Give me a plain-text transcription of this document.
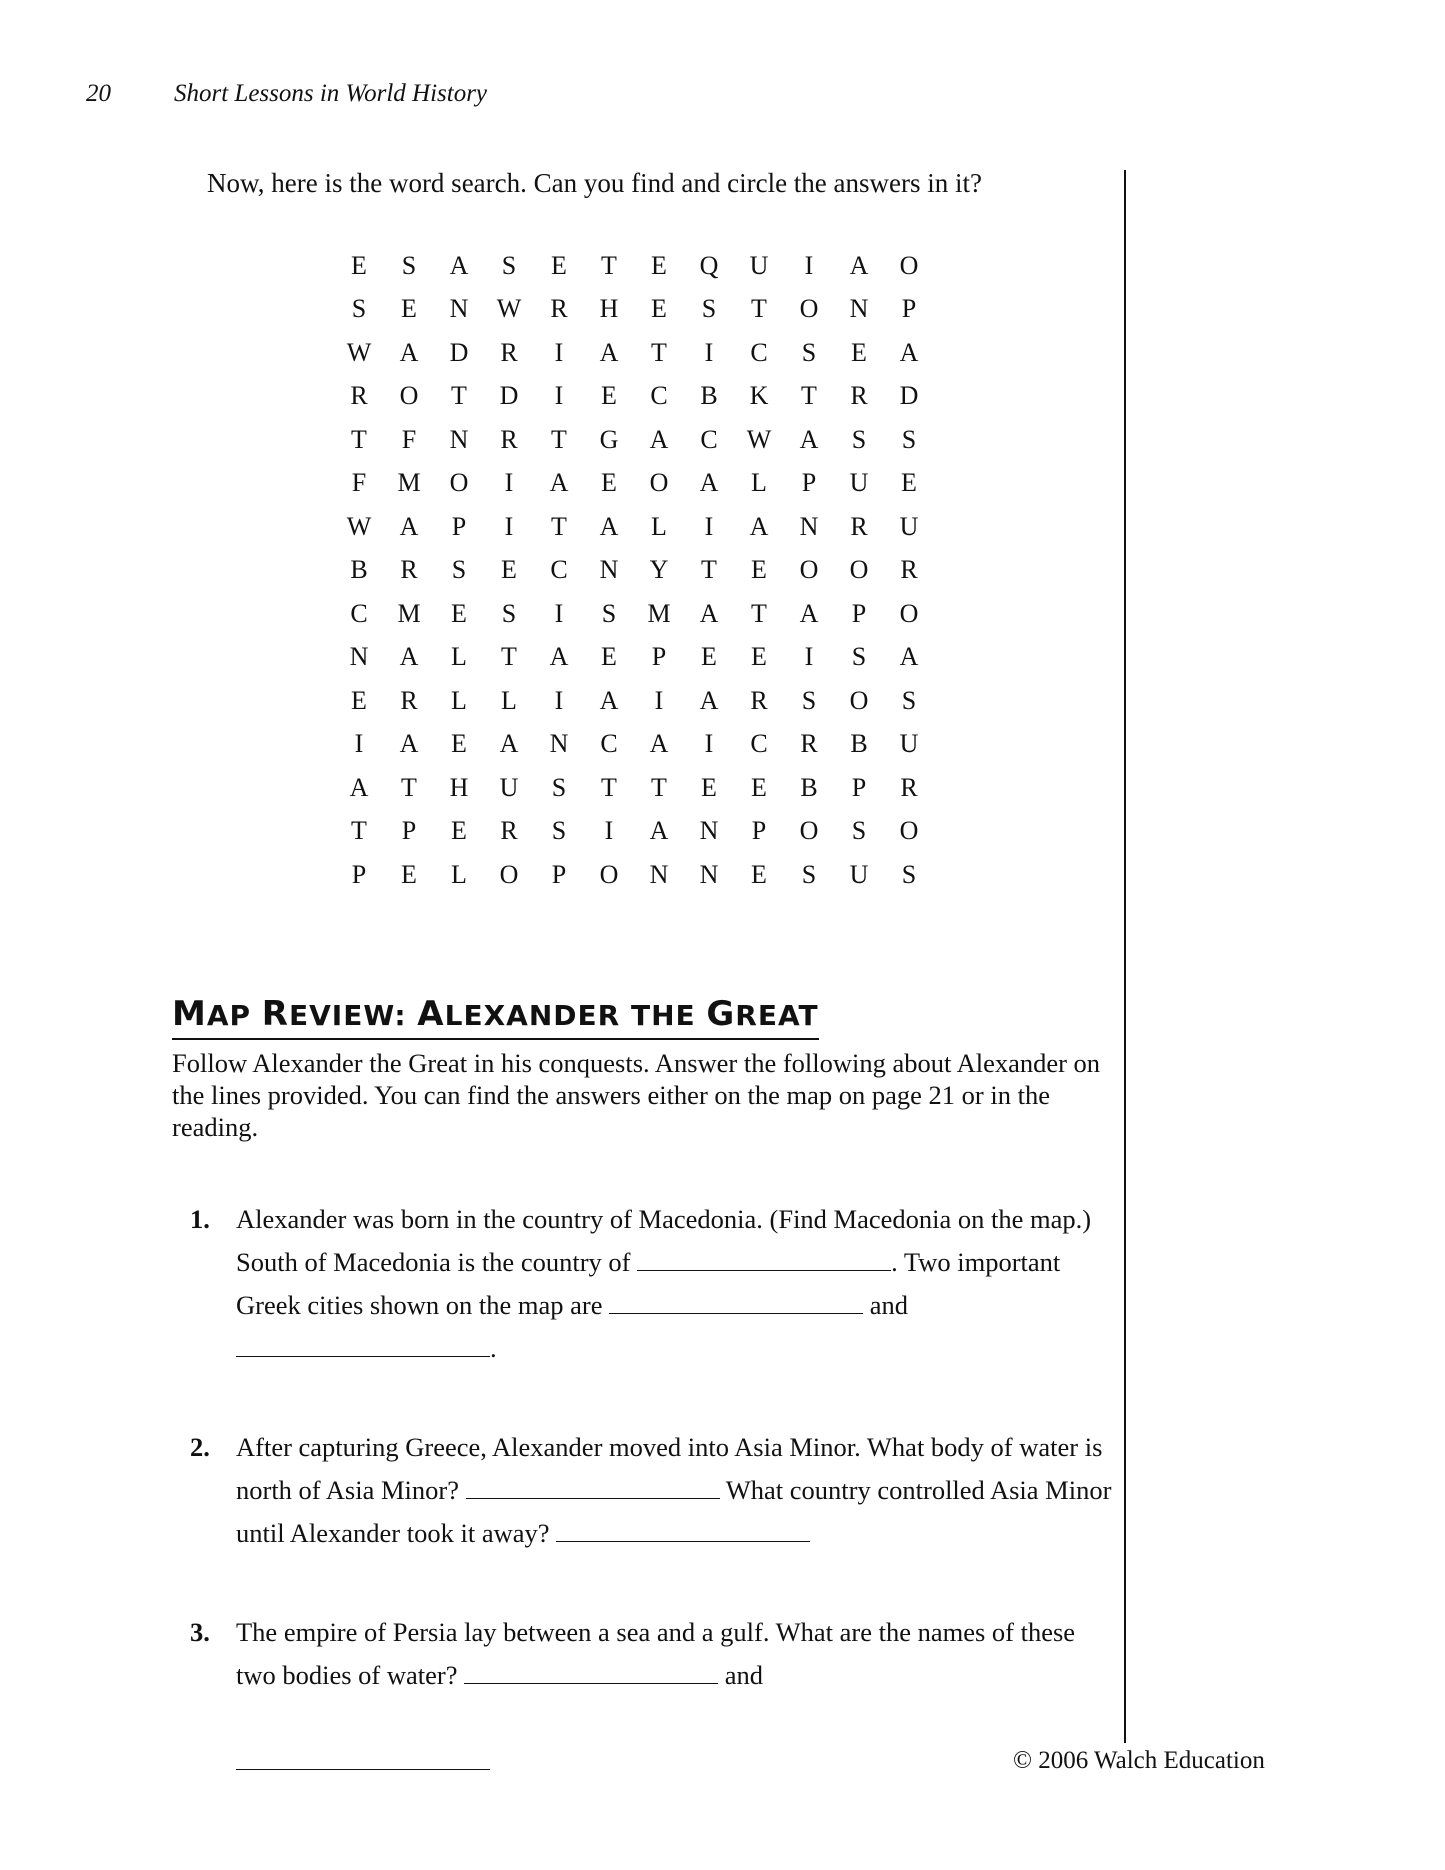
20	Short Lessons in World History
Now, here is the word search. Can you find and circle the answers in it?
E	S	A	S	E	T	E	Q	U	I	A	O
S	E	N	W	R	H	E	S	T	O	N	P
W	A	D	R	I	A	T	I	C	S	E	A
R	O	T	D	I	E	C	B	K	T	R	D
T	F	N	R	T	G	A	C	W	A	S	S
F	M	O	I	A	E	O	A	L	P	U	E
W	A	P	I	T	A	L	I	A	N	R	U
B	R	S	E	C	N	Y	T	E	O	O	R
C	M	E	S	I	S	M	A	T	A	P	O
N	A	L	T	A	E	P	E	E	I	S	A
E	R	L	L	I	A	I	A	R	S	O	S
I	A	E	A	N	C	A	I	C	R	B	U
A	T	H	U	S	T	T	E	E	B	P	R
T	P	E	R	S	I	A	N	P	O	S	O
P	E	L	O	P	O	N	N	E	S	U	S
MAP REVIEW: ALEXANDER THE GREAT
Follow Alexander the Great in his conquests. Answer the following about Alexander on the lines provided. You can find the answers either on the map on page 21 or in the reading.
1. Alexander was born in the country of Macedonia. (Find Macedonia on the map.) South of Macedonia is the country of	. Two important Greek cities shown on the map are	and
.
2. After capturing Greece, Alexander moved into Asia Minor. What body of water is north of Asia Minor?	What country controlled Asia Minor until Alexander took it away?
3. The empire of Persia lay between a sea and a gulf. What are the names of these two bodies of water?	and

© 2006 Walch Education
